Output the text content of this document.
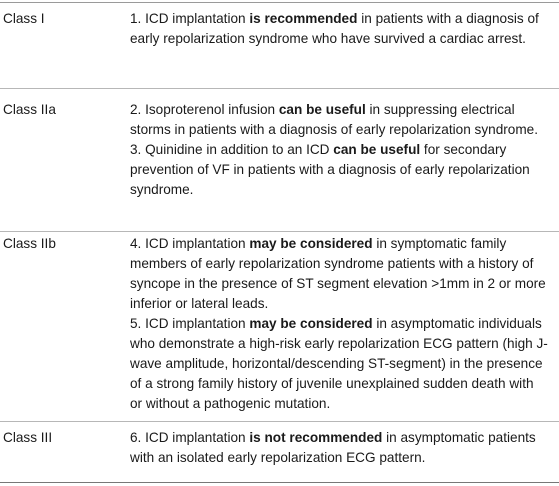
Class I	1. ICD implantation is recommended in patients with a diagnosis of early repolarization syndrome who have survived a cardiac arrest.

Class IIa	2. Isoproterenol infusion can be useful in suppressing electrical storms in patients with a diagnosis of early repolarization syndrome.

3. Quinidine in addition to an ICD can be useful for secondary prevention of VF in patients with a diagnosis of early repolarization syndrome.

Class IIb	4. ICD implantation may be considered in symptomatic family members of early repolarization syndrome patients with a history of syncope in the presence of ST segment elevation >1mm in 2 or more inferior or lateral leads.

5. ICD implantation may be considered in asymptomatic individuals who demonstrate a high-risk early repolarization ECG pattern (high J-wave amplitude, horizontal/descending ST-segment) in the presence of a strong family history of juvenile unexplained sudden death with or without a pathogenic mutation.

Class III	6. ICD implantation is not recommended in asymptomatic patients with an isolated early repolarization ECG pattern.
